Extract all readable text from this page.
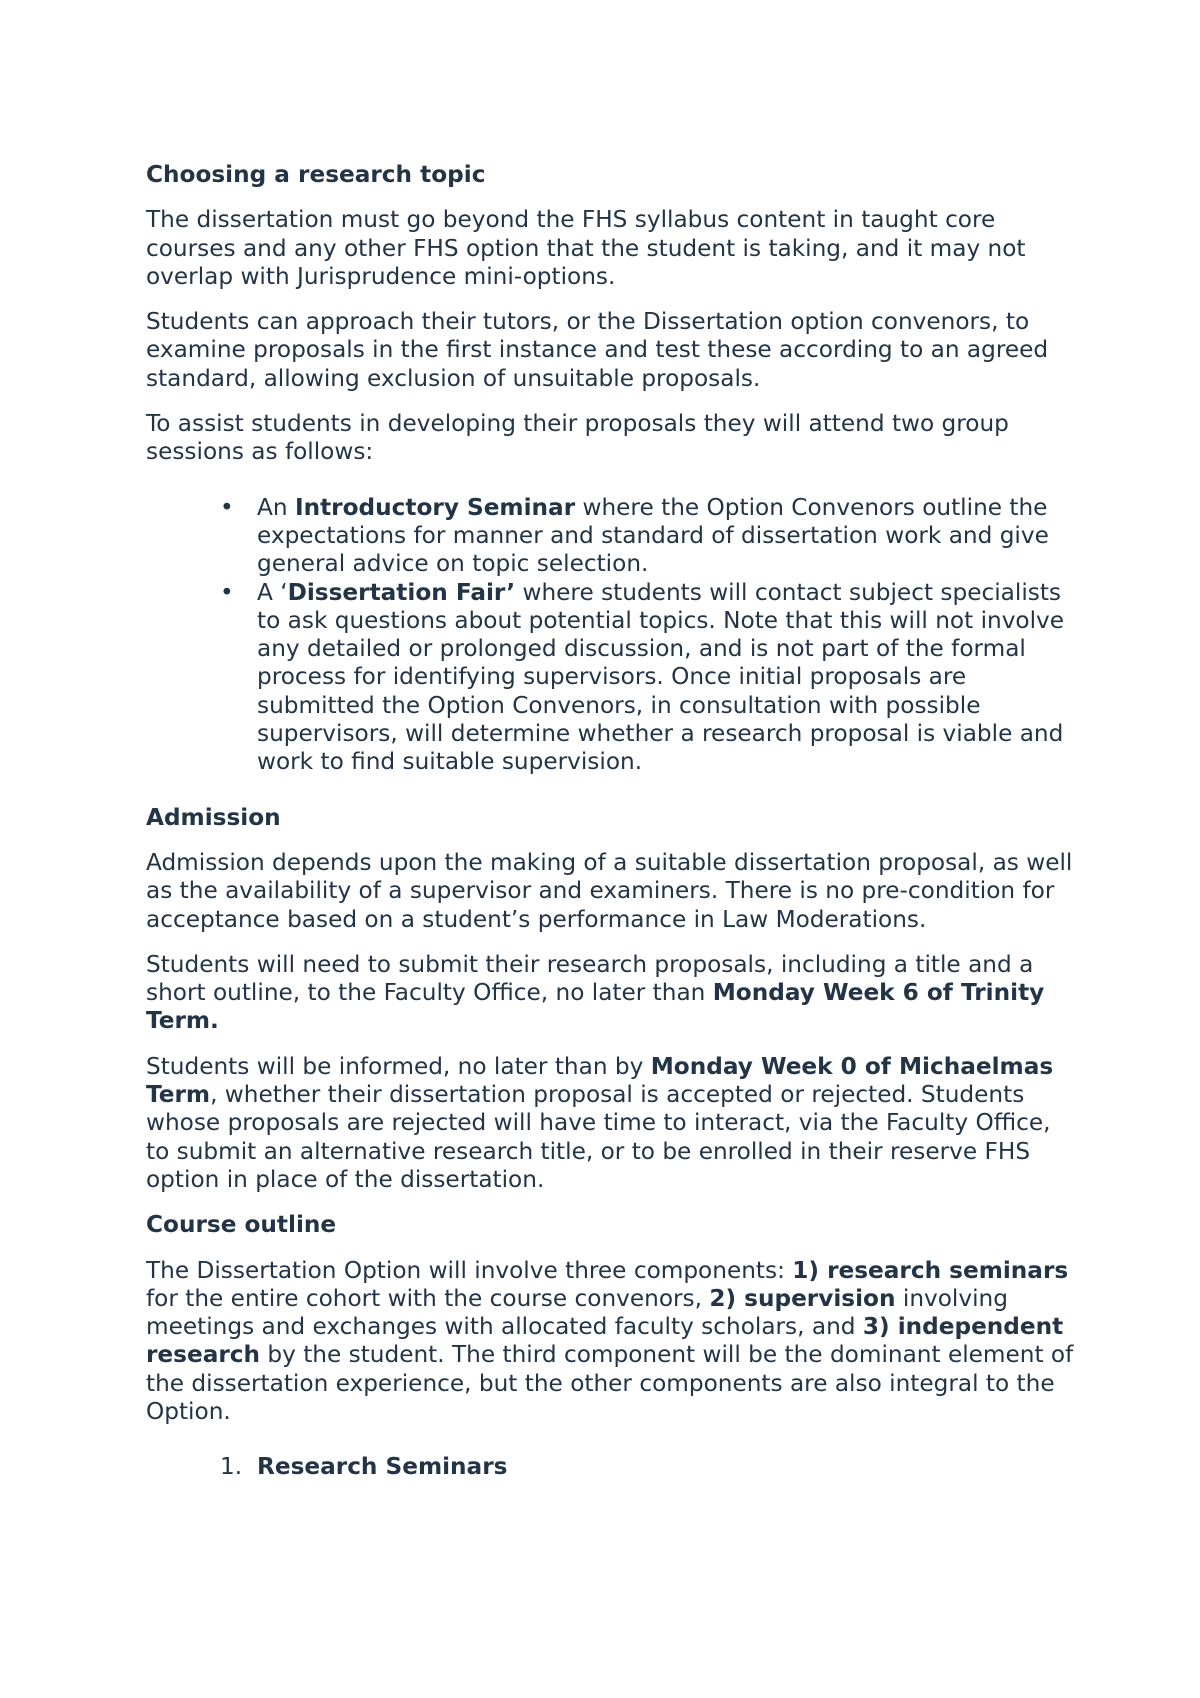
Choosing a research topic

The dissertation must go beyond the FHS syllabus content in taught core courses and any other FHS option that the student is taking, and it may not overlap with Jurisprudence mini-options.

Students can approach their tutors, or the Dissertation option convenors, to examine proposals in the first instance and test these according to an agreed standard, allowing exclusion of unsuitable proposals.

To assist students in developing their proposals they will attend two group sessions as follows:

• An Introductory Seminar where the Option Convenors outline the expectations for manner and standard of dissertation work and give general advice on topic selection.
• A ‘Dissertation Fair’ where students will contact subject specialists to ask questions about potential topics. Note that this will not involve any detailed or prolonged discussion, and is not part of the formal process for identifying supervisors. Once initial proposals are submitted the Option Convenors, in consultation with possible supervisors, will determine whether a research proposal is viable and work to find suitable supervision.
Admission

Admission depends upon the making of a suitable dissertation proposal, as well as the availability of a supervisor and examiners. There is no pre-condition for acceptance based on a student’s performance in Law Moderations.

Students will need to submit their research proposals, including a title and a short outline, to the Faculty Office, no later than Monday Week 6 of Trinity Term.

Students will be informed, no later than by Monday Week 0 of Michaelmas Term, whether their dissertation proposal is accepted or rejected. Students whose proposals are rejected will have time to interact, via the Faculty Office, to submit an alternative research title, or to be enrolled in their reserve FHS option in place of the dissertation.

Course outline

The Dissertation Option will involve three components: 1) research seminars for the entire cohort with the course convenors, 2) supervision involving meetings and exchanges with allocated faculty scholars, and 3) independent research by the student. The third component will be the dominant element of the dissertation experience, but the other components are also integral to the Option.

1. Research Seminars
